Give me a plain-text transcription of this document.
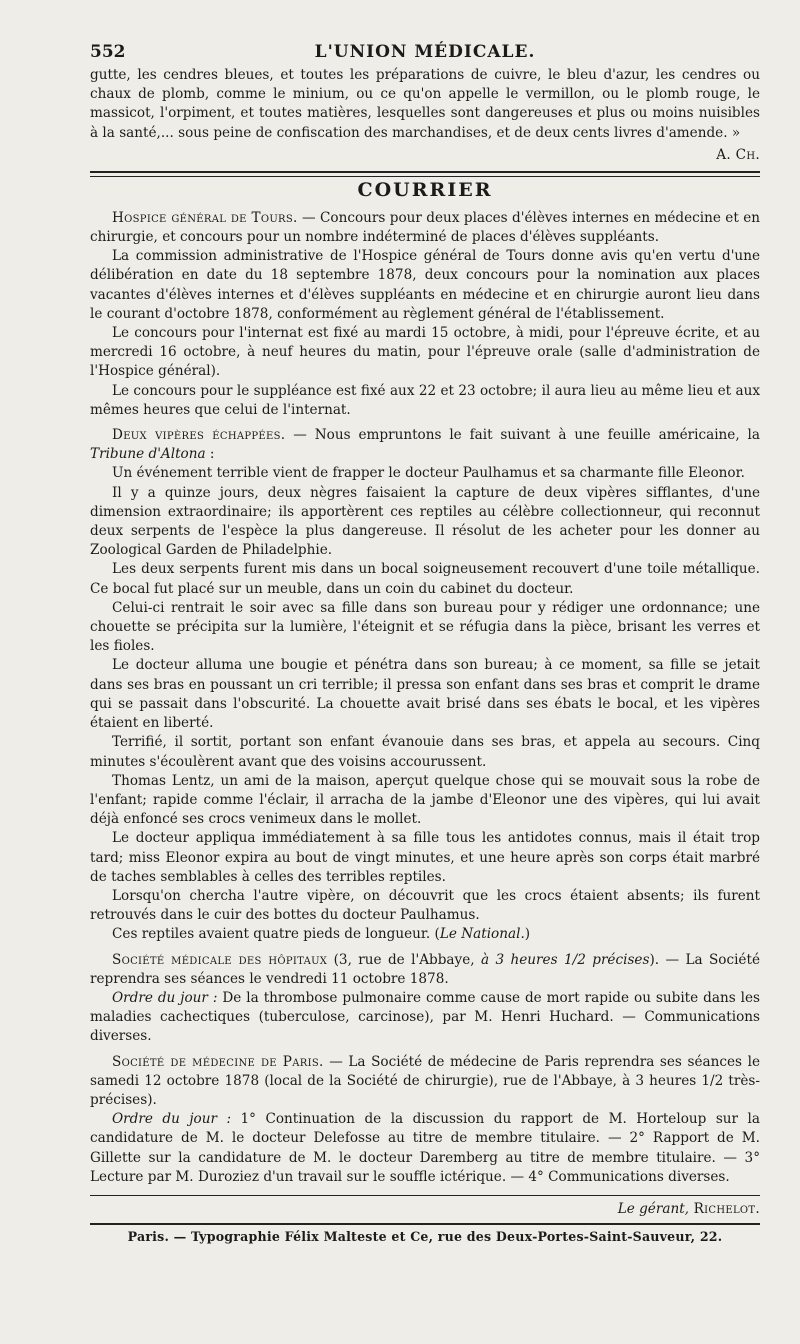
552	L'UNION MÉDICALE.

gutte, les cendres bleues, et toutes les préparations de cuivre, le bleu d'azur, les cendres ou chaux de plomb, comme le minium, ou ce qu'on appelle le vermillon, ou le plomb rouge, le massicot, l'orpiment, et toutes matières, lesquelles sont dangereuses et plus ou moins nuisibles à la santé,... sous peine de confiscation des marchandises, et de deux cents livres d'amende. »

A. Ch.
COURRIER

Hospice général de Tours. — Concours pour deux places d'élèves internes en médecine et en chirurgie, et concours pour un nombre indéterminé de places d'élèves suppléants.

La commission administrative de l'Hospice général de Tours donne avis qu'en vertu d'une délibération en date du 18 septembre 1878, deux concours pour la nomination aux places vacantes d'élèves internes et d'élèves suppléants en médecine et en chirurgie auront lieu dans le courant d'octobre 1878, conformément au règlement général de l'établissement.

Le concours pour l'internat est fixé au mardi 15 octobre, à midi, pour l'épreuve écrite, et au mercredi 16 octobre, à neuf heures du matin, pour l'épreuve orale (salle d'administration de l'Hospice général).

Le concours pour le suppléance est fixé aux 22 et 23 octobre; il aura lieu au même lieu et aux mêmes heures que celui de l'internat.

Deux vipères échappées. — Nous empruntons le fait suivant à une feuille américaine, la Tribune d'Altona :

Un événement terrible vient de frapper le docteur Paulhamus et sa charmante fille Eleonor.

Il y a quinze jours, deux nègres faisaient la capture de deux vipères sifflantes, d'une dimension extraordinaire; ils apportèrent ces reptiles au célèbre collectionneur, qui reconnut deux serpents de l'espèce la plus dangereuse. Il résolut de les acheter pour les donner au Zoological Garden de Philadelphie.

Les deux serpents furent mis dans un bocal soigneusement recouvert d'une toile métallique. Ce bocal fut placé sur un meuble, dans un coin du cabinet du docteur.

Celui-ci rentrait le soir avec sa fille dans son bureau pour y rédiger une ordonnance; une chouette se précipita sur la lumière, l'éteignit et se réfugia dans la pièce, brisant les verres et les fioles.

Le docteur alluma une bougie et pénétra dans son bureau; à ce moment, sa fille se jetait dans ses bras en poussant un cri terrible; il pressa son enfant dans ses bras et comprit le drame qui se passait dans l'obscurité. La chouette avait brisé dans ses ébats le bocal, et les vipères étaient en liberté.

Terrifié, il sortit, portant son enfant évanouie dans ses bras, et appela au secours. Cinq minutes s'écoulèrent avant que des voisins accourussent.

Thomas Lentz, un ami de la maison, aperçut quelque chose qui se mouvait sous la robe de l'enfant; rapide comme l'éclair, il arracha de la jambe d'Eleonor une des vipères, qui lui avait déjà enfoncé ses crocs venimeux dans le mollet.

Le docteur appliqua immédiatement à sa fille tous les antidotes connus, mais il était trop tard; miss Eleonor expira au bout de vingt minutes, et une heure après son corps était marbré de taches semblables à celles des terribles reptiles.

Lorsqu'on chercha l'autre vipère, on découvrit que les crocs étaient absents; ils furent retrouvés dans le cuir des bottes du docteur Paulhamus.

Ces reptiles avaient quatre pieds de longueur. (Le National.)

Société médicale des hôpitaux (3, rue de l'Abbaye, à 3 heures 1/2 précises). — La Société reprendra ses séances le vendredi 11 octobre 1878.

Ordre du jour : De la thrombose pulmonaire comme cause de mort rapide ou subite dans les maladies cachectiques (tuberculose, carcinose), par M. Henri Huchard. — Communications diverses.

Société de médecine de Paris. — La Société de médecine de Paris reprendra ses séances le samedi 12 octobre 1878 (local de la Société de chirurgie), rue de l'Abbaye, à 3 heures 1/2 très-précises).

Ordre du jour : 1° Continuation de la discussion du rapport de M. Horteloup sur la candidature de M. le docteur Delefosse au titre de membre titulaire. — 2° Rapport de M. Gillette sur la candidature de M. le docteur Daremberg au titre de membre titulaire. — 3° Lecture par M. Duroziez d'un travail sur le souffle ictérique. — 4° Communications diverses.

Le gérant, Richelot.
Paris. — Typographie Félix Malteste et Ce, rue des Deux-Portes-Saint-Sauveur, 22.
